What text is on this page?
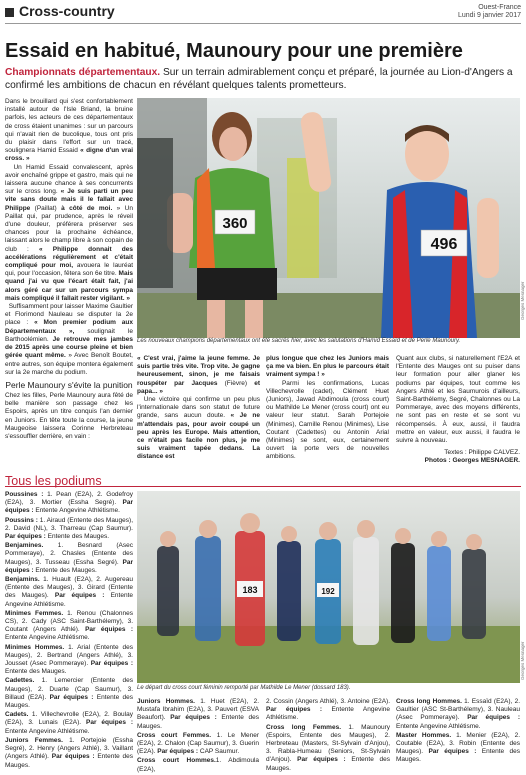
Cross-country	Ouest-France
Lundi 9 janvier 2017
Essaid en habitué, Maunoury pour une première
Championnats départementaux. Sur un terrain admirablement conçu et préparé, la journée au Lion-d'Angers a confirmé les ambitions de chacun en révélant quelques talents prometteurs.
Dans le brouillard qui s'est confortablement installé autour de l'Isle Briand, la bruine parfois, les acteurs de ces départementaux de cross étaient unanimes : sur un parcours qui n'avait rien de bucolique, tous ont pris du plaisir dans l'effort sur un tracé, soulignera Hamid Essaid « digne d'un vrai cross. »
Un Hamid Essaid convalescent, après avoir enchaîné grippe et gastro, mais qui ne laissera aucune chance à ses concurrents sur le cross long. « Je suis parti un peu vite sans doute mais il le fallait avec Philippe (Paillat) à côté de moi. » Un Paillat qui, par prudence, après le réveil d'une douleur, préférera préserver ses chances pour la prochaine échéance, laissant alors le champ libre à son copain de club : « Philippe donnait des accélérations régulièrement et c'était compliqué pour moi, avouera le lauréat qui, pour l'occasion, fêtera son 6e titre. Mais quand j'ai vu que l'écart était fait, j'ai alors géré car sur un parcours sympa mais compliqué il fallait rester vigilant. »
Suffisamment pour laisser Maxime Gaultier et Florimond Nauleau se disputer la 2e place : « Mon premier podium aux Départementaux », soulignait le Barthoolémien. Je retrouve mes jambes de 2015 après une course pleine et bien gérée quant même. » Avec Benoît Boutet, entre autres, son équipe montera également sur la 2e marche du podium.
Perle Maunoury s'évite la punition
Chez les filles, Perle Maunoury aura fêté de belle manière son passage chez les Espoirs, après un titre conquis l'an dernier en Juniors. En tête toute la course, la jeune Maugeoise laissera Corinne Herbreteau s'essouffler derrière, en vain :
360
496
Georges Mesnager
Les nouveaux champions départementaux ont été sacrés hier, avec les salutations d'Hamid Essaïd et de Perle Maunoury.
« C'est vrai, j'aime la jeune femme. Je suis partie très vite. Trop vite. Je gagne heureusement, sinon, je me faisais rouspéter par Jacques (Fièvre) et papa... »
Une victoire qui confirme un peu plus l'internationale dans son statut de future grande, sans aucun doute. « Je ne m'attendais pas, pour avoir coupé un peu après les Europe. Mais attention, ce n'était pas facile non plus, je me suis vraiment tapée dedans. La distance est
plus longue que chez les Juniors mais ça me va bien. En plus le parcours était vraiment sympa ! »
Parmi les confirmations, Lucas Villechevrolle (cadet), Clément Huet (Juniors), Jawad Abdimoula (cross court) ou Mathilde Le Mener (cross court) ont eu valeur leur statut. Sarah Portejoie (Minimes), Camille Renou (Minimes), Lise Coutant (Cadettes) ou Antonin Arial (Minimes) se sont, eux, certainement ouvert la porte vers de nouvelles ambitions.
Quant aux clubs, si naturellement l'E2A et l'Entente des Mauges ont su puiser dans leur formation pour aller glaner les podiums par équipes, tout comme les Angers Athlé et les Saumurois d'ailleurs, Saint-Barthélemy, Segré, Chalonnes ou La Pommeraye, avec des moyens différents, ne sont pas en reste et se sont vu récompensés. À eux, aussi, il faudra mettre en valeur, eux aussi, il faudra le suivre à nouveau.
Textes : Philippe CALVEZ.
Photos : Georges MESNAGER.
Tous les podiums

Poussines : 1. Pean (E2A), 2. Godefroy (E2A), 3. Mortier (Essha Segré). Par équipes : Entente Angevine Athlétisme.

Poussins : 1. Airaud (Entente des Mauges), 2. David (NL), 3. Tharreau (Cap Saumur). Par équipes : Entente des Mauges.

Benjamines. 1. Besnard (Asec Pommeraye), 2. Chasles (Entente des Mauges), 3. Tusseau (Essha Segré). Par équipes : Entente des Mauges.

Benjamins. 1. Huault (E2A), 2. Augereau (Entente des Mauges), 3. Girard (Entente des Mauges). Par équipes : Entente Angevine Athlétisme.

Minimes Femmes. 1. Renou (Chalonnes CS), 2. Cady (ASC Saint-Barthélemy), 3. Coutant (Angers Athlé). Par équipes : Entente Angevine Athlétisme.

Minimes Hommes. 1. Arial (Entente des Mauges), 2. Bertrand (Angers Athlé), 3. Jousset (Asec Pommeraye). Par équipes : Entente des Mauges.

Cadettes. 1. Lemercier (Entente des Mauges), 2. Duarte (Cap Saumur), 3. Billaud (E2A). Par équipes : Entente des Mauges.

Cadets. 1. Villechevrolle (E2A), 2. Boulay (E2A), 3. Lunais (E2A). Par équipes : Entente Angevine Athlétisme.

Juniors Femmes. 1. Portejoie (Essha Segré), 2. Henry (Angers Athlé), 3. Vaillant (Angers Athlé). Par équipes : Entente des Mauges.

183	192
Georges Mesnager
Le départ du cross court féminin remporté par Mathilde Le Mener (dossard 183).

Juniors Hommes. 1. Huet (E2A), 2. Mustafa Ibrahim (E2A), 3. Pauvert (ESVA Beaufort). Par équipes : Entente des Mauges.

Cross court Femmes. 1. Le Mener (E2A), 2. Chalon (Cap Saumur), 3. Guerin (E2A). Par équipes : CAP Saumur.

Cross court Hommes.1. Abdimoula (E2A),

2. Cossin (Angers Athlé), 3. Antoine (E2A). Par équipes : Entente Angevine Athlétisme.

Cross long Femmes. 1. Maunoury (Espoirs, Entente des Mauges), 2. Herbreteau (Masters, St-Sylvain d'Anjou), 3. Rabla-Humeau (Seniors, St-Sylvain d'Anjou). Par équipes : Entente des Mauges.

Cross long Hommes. 1. Essaïd (E2A), 2. Gaultier (ASC St-Barthélemy), 3. Nauleau (Asec Pommeraye). Par équipes : Entente Angevine Athlétisme.

Master Hommes. 1. Menier (E2A), 2. Coutable (E2A), 3. Robin (Entente des Mauges). Par équipes : Entente des Mauges.
